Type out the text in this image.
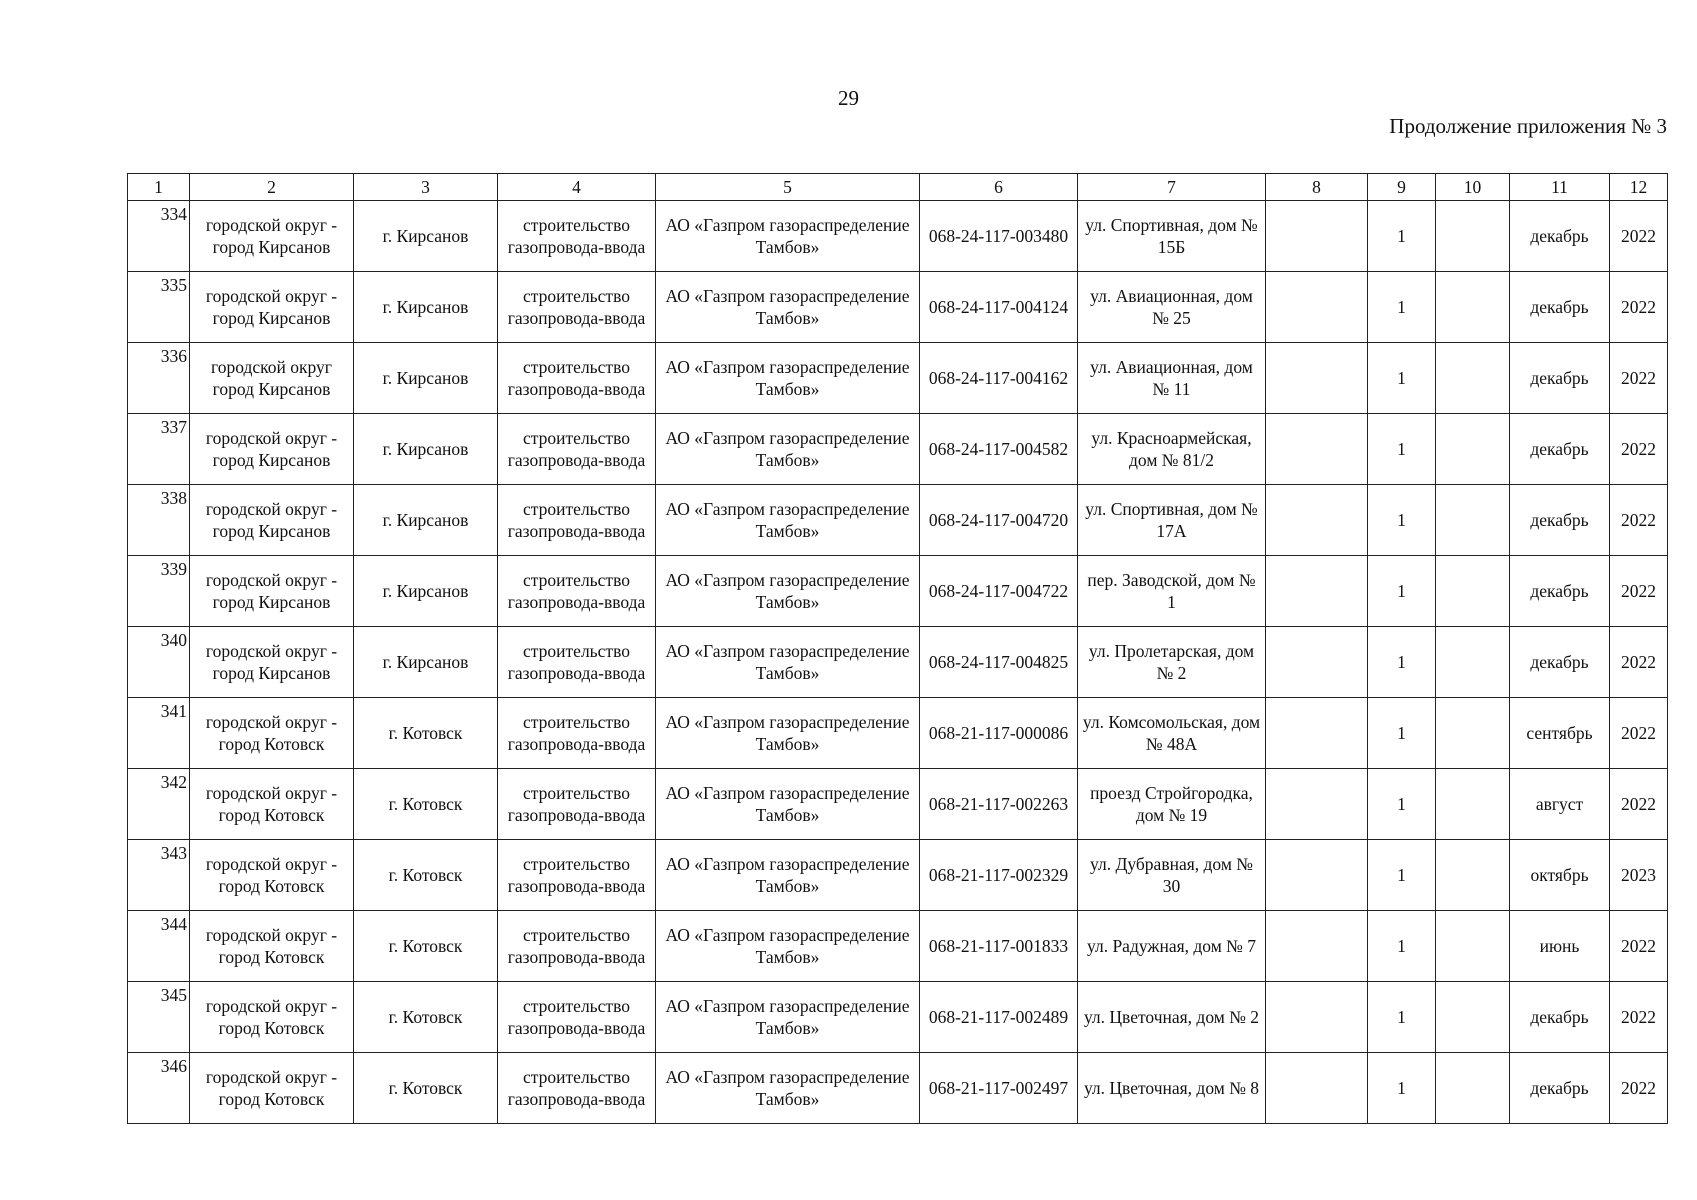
29
Продолжение приложения № 3
1	2	3	4	5	6	7	8	9	10	11	12
334	городской округ - город Кирсанов	г. Кирсанов	строительство газопровода-ввода	АО «Газпром газораспределение Тамбов»	068-24-117-003480	ул. Спортивная, дом № 15Б		1		декабрь	2022
335	городской округ - город Кирсанов	г. Кирсанов	строительство газопровода-ввода	АО «Газпром газораспределение Тамбов»	068-24-117-004124	ул. Авиационная, дом № 25		1		декабрь	2022
336	городской округ город Кирсанов	г. Кирсанов	строительство газопровода-ввода	АО «Газпром газораспределение Тамбов»	068-24-117-004162	ул. Авиационная, дом № 11		1		декабрь	2022
337	городской округ - город Кирсанов	г. Кирсанов	строительство газопровода-ввода	АО «Газпром газораспределение Тамбов»	068-24-117-004582	ул. Красноармейская, дом № 81/2		1		декабрь	2022
338	городской округ - город Кирсанов	г. Кирсанов	строительство газопровода-ввода	АО «Газпром газораспределение Тамбов»	068-24-117-004720	ул. Спортивная, дом № 17А		1		декабрь	2022
339	городской округ - город Кирсанов	г. Кирсанов	строительство газопровода-ввода	АО «Газпром газораспределение Тамбов»	068-24-117-004722	пер. Заводской, дом № 1		1		декабрь	2022
340	городской округ - город Кирсанов	г. Кирсанов	строительство газопровода-ввода	АО «Газпром газораспределение Тамбов»	068-24-117-004825	ул. Пролетарская, дом № 2		1		декабрь	2022
341	городской округ - город Котовск	г. Котовск	строительство газопровода-ввода	АО «Газпром газораспределение Тамбов»	068-21-117-000086	ул. Комсомольская, дом № 48А		1		сентябрь	2022
342	городской округ - город Котовск	г. Котовск	строительство газопровода-ввода	АО «Газпром газораспределение Тамбов»	068-21-117-002263	проезд Стройгородка, дом № 19		1		август	2022
343	городской округ - город Котовск	г. Котовск	строительство газопровода-ввода	АО «Газпром газораспределение Тамбов»	068-21-117-002329	ул. Дубравная, дом № 30		1		октябрь	2023
344	городской округ - город Котовск	г. Котовск	строительство газопровода-ввода	АО «Газпром газораспределение Тамбов»	068-21-117-001833	ул. Радужная, дом № 7		1		июнь	2022
345	городской округ - город Котовск	г. Котовск	строительство газопровода-ввода	АО «Газпром газораспределение Тамбов»	068-21-117-002489	ул. Цветочная, дом № 2		1		декабрь	2022
346	городской округ - город Котовск	г. Котовск	строительство газопровода-ввода	АО «Газпром газораспределение Тамбов»	068-21-117-002497	ул. Цветочная, дом № 8		1		декабрь	2022
